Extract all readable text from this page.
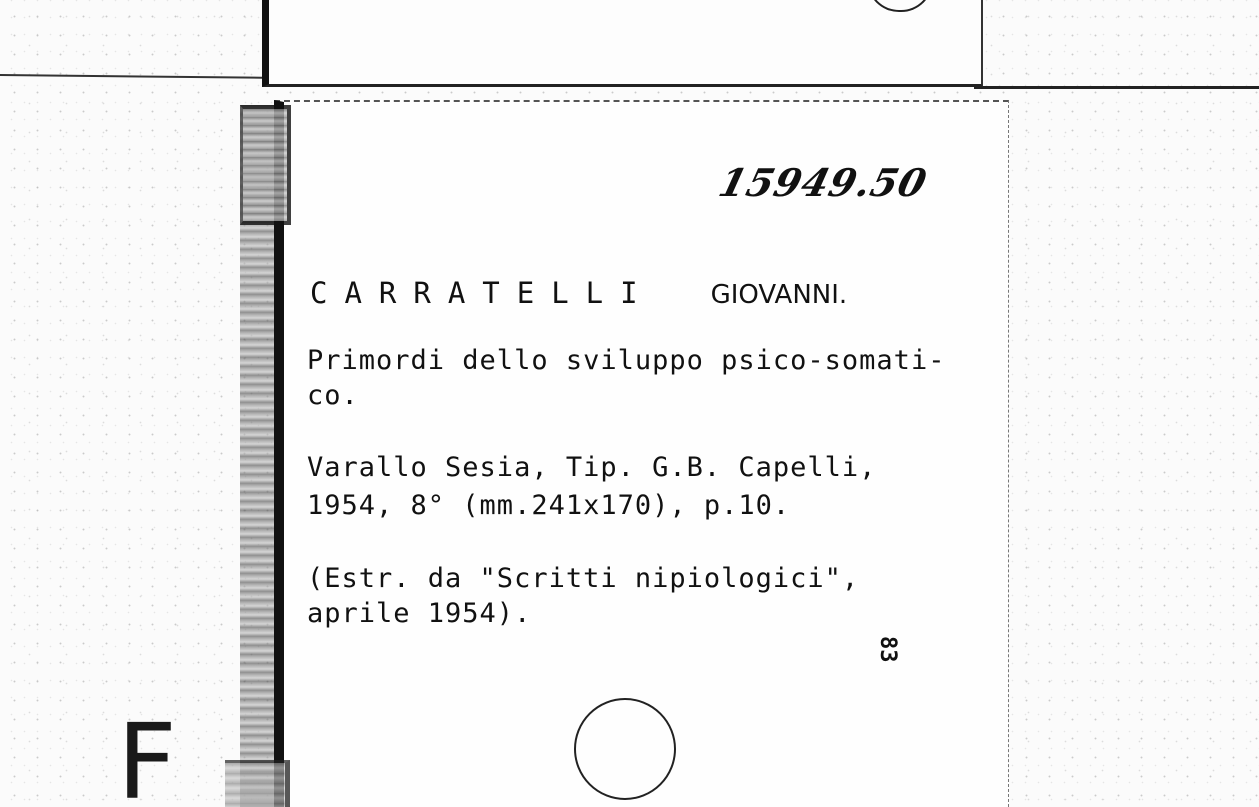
15949.50
CARRATELLI GIOVANNI.
Primordi dello sviluppo psico-somati-
co.
Varallo Sesia, Tip. G.B. Capelli,
1954, 8° (mm.241x170), p.10.
(Estr. da "Scritti nipiologici",
aprile 1954).
83
F
